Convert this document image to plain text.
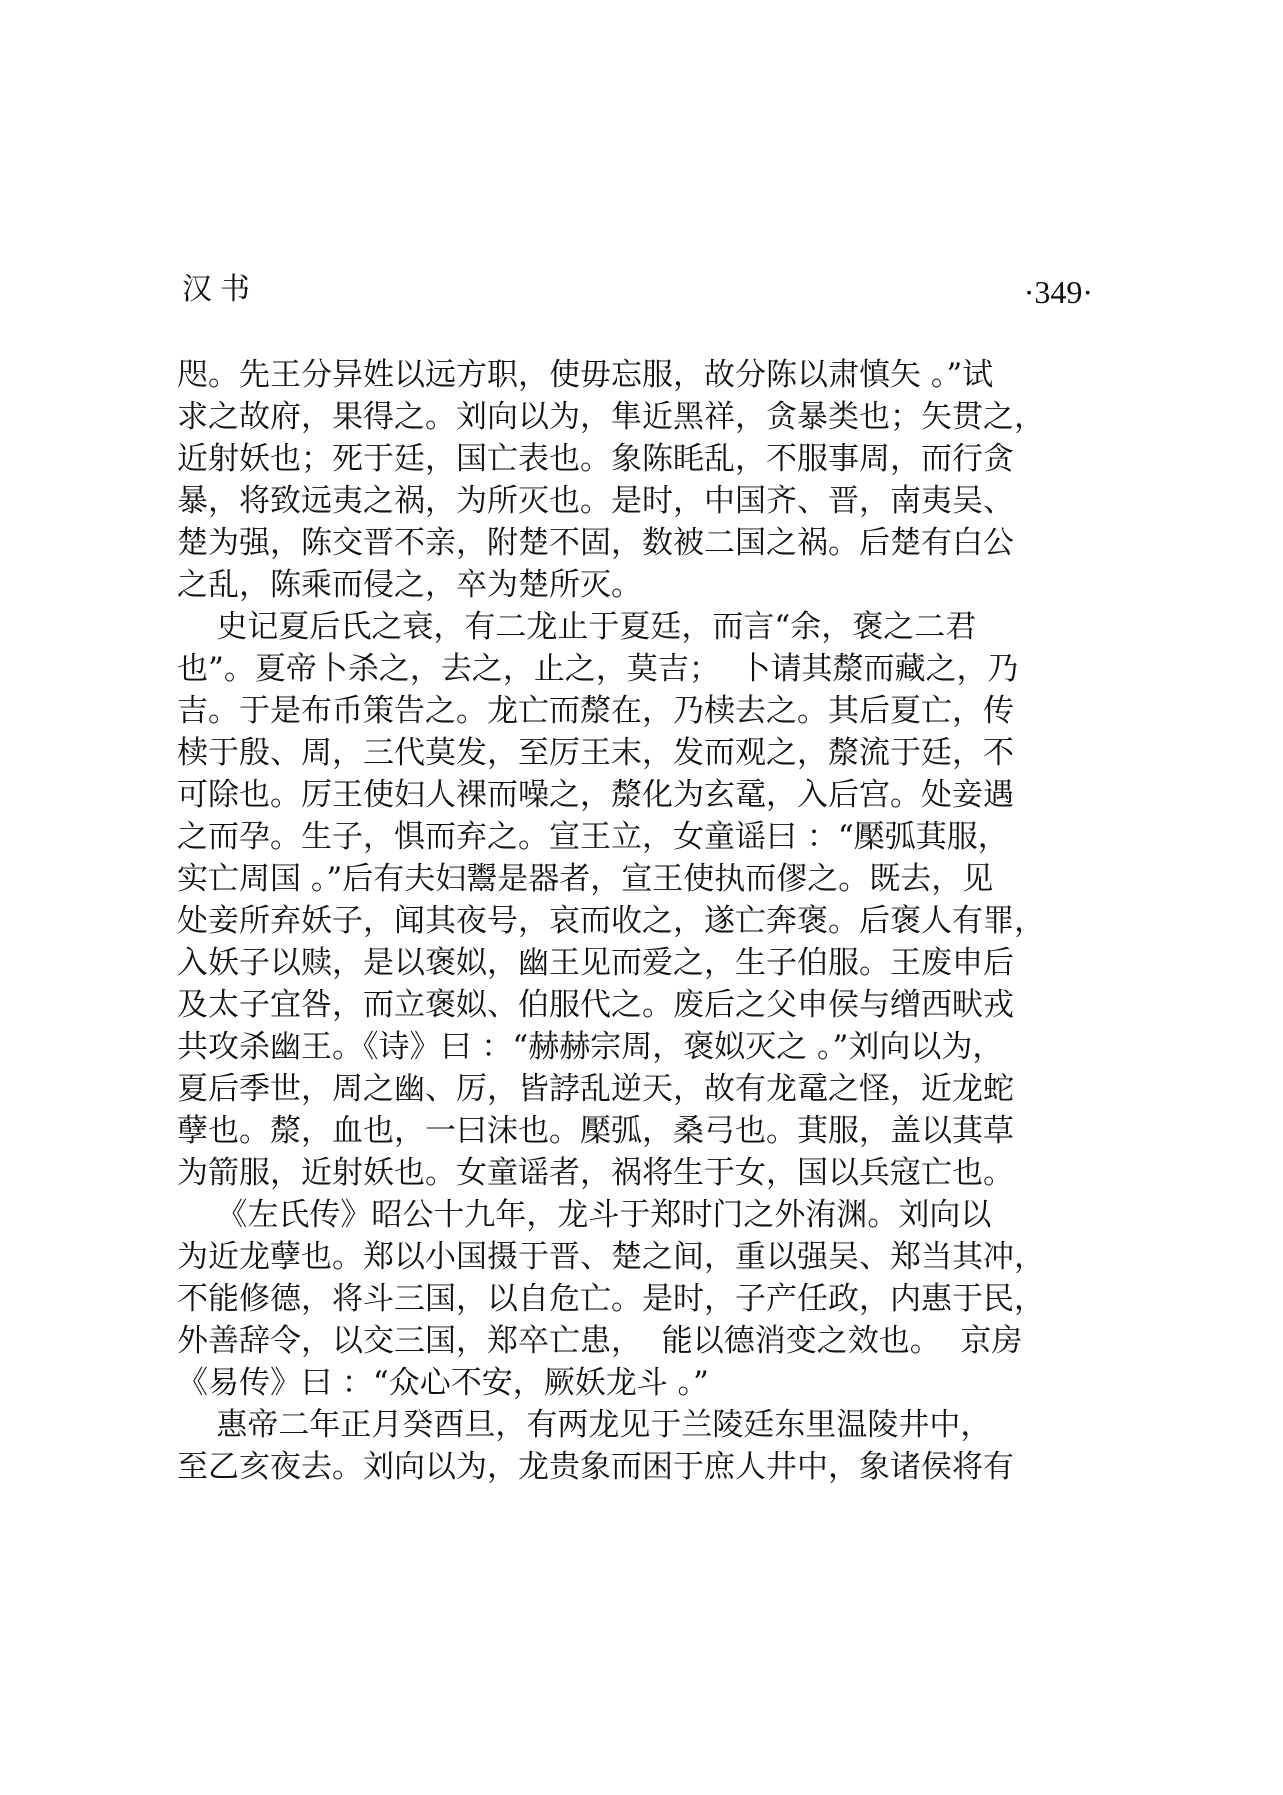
汉书	·349·
咫。先王分异姓以远方职，使毋忘服，故分陈以肃慎矢 。”试
求之故府，果得之。刘向以为，隼近黑祥，贪暴类也；矢贯之，
近射妖也；死于廷，国亡表也。象陈眊乱，不服事周，而行贪
暴，将致远夷之祸，为所灭也。是时，中国齐、晋，南夷吴、
楚为强，陈交晋不亲，附楚不固，数被二国之祸。后楚有白公
之乱，陈乘而侵之，卒为楚所灭。
史记夏后氏之衰，有二龙止于夏廷，而言“余，褒之二君
也”。夏帝卜杀之，去之，止之，莫吉；  卜请其漦而藏之，乃
吉。于是布币策告之。龙亡而漦在，乃椟去之。其后夏亡，传
椟于殷、周，三代莫发，至厉王末，发而观之，漦流于廷，不
可除也。厉王使妇人裸而噪之，漦化为玄鼋，入后宫。处妾遇
之而孕。生子，惧而弃之。宣王立，女童谣曰 ：“檿弧萁服，
实亡周国 。”后有夫妇鬻是器者，宣王使执而僇之。既去，见
处妾所弃妖子，闻其夜号，哀而收之，遂亡奔褒。后褒人有罪，
入妖子以赎，是以褒姒，幽王见而爱之，生子伯服。王废申后
及太子宜咎，而立褒姒、伯服代之。废后之父申侯与缯西畎戎
共攻杀幽王。《诗》曰 ：“赫赫宗周，褒姒灭之 。”刘向以为，
夏后季世，周之幽、厉，皆誖乱逆天，故有龙鼋之怪，近龙蛇
孽也。漦，血也，一曰沫也。檿弧，桑弓也。萁服，盖以萁草
为箭服，近射妖也。女童谣者，祸将生于女，国以兵寇亡也。
《左氏传》昭公十九年，龙斗于郑时门之外洧渊。刘向以
为近龙孽也。郑以小国摄于晋、楚之间，重以强吴、郑当其冲，
不能修德，将斗三国，以自危亡。是时，子产任政，内惠于民，
外善辞令，以交三国，郑卒亡患，  能以德消变之效也。  京房
《易传》曰 ：“众心不安，厥妖龙斗 。”
惠帝二年正月癸酉旦，有两龙见于兰陵廷东里温陵井中，
至乙亥夜去。刘向以为，龙贵象而困于庶人井中，象诸侯将有
